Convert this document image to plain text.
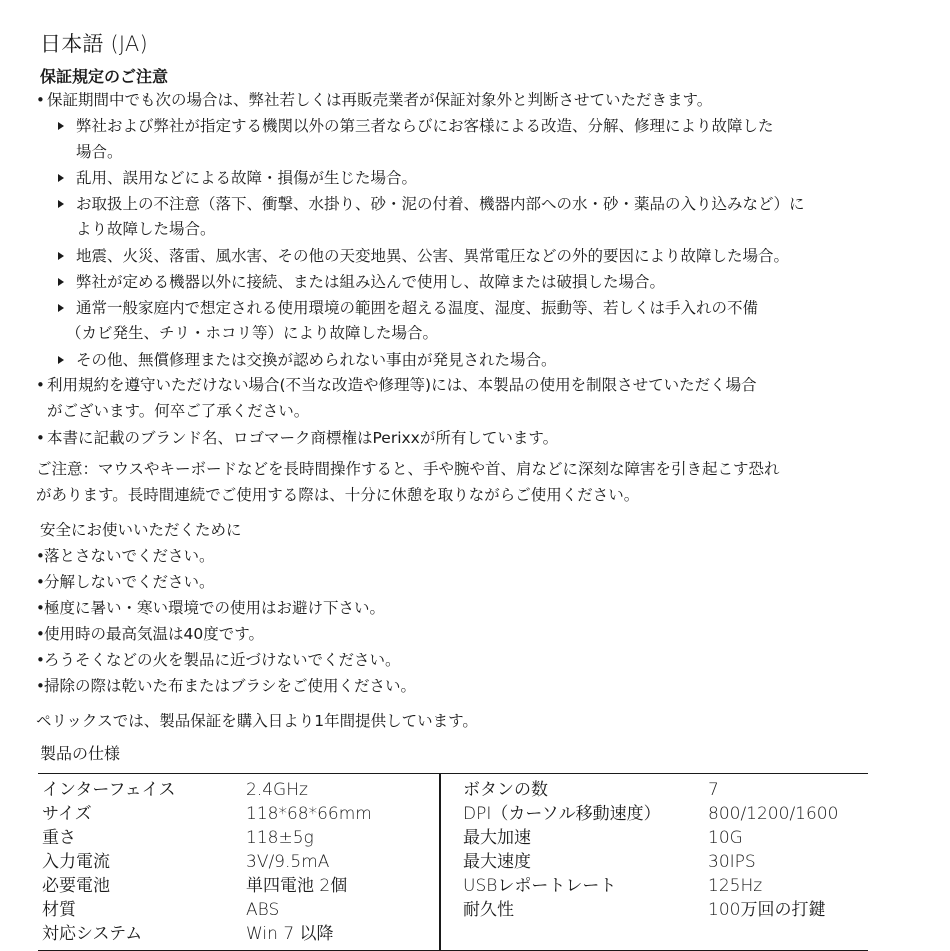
日本語 (JA)
保証規定のご注意
• 保証期間中でも次の場合は、弊社若しくは再販売業者が保証対象外と判断させていただきます。
弊社および弊社が指定する機関以外の第三者ならびにお客様による改造、分解、修理により故障した
場合。
乱用、誤用などによる故障・損傷が生じた場合。
お取扱上の不注意（落下、衝撃、水掛り、砂・泥の付着、機器内部への水・砂・薬品の入り込みなど）に
より故障した場合。
地震、火災、落雷、風水害、その他の天変地異、公害、異常電圧などの外的要因により故障した場合。
弊社が定める機器以外に接続、または組み込んで使用し、故障または破損した場合。
通常一般家庭内で想定される使用環境の範囲を超える温度、湿度、振動等、若しくは手入れの不備
（カビ発生、チリ・ホコリ等）により故障した場合。
その他、無償修理または交換が認められない事由が発見された場合。
• 利用規約を遵守いただけない場合(不当な改造や修理等)には、本製品の使用を制限させていただく場合
がございます。何卒ご了承ください。
• 本書に記載のブランド名、ロゴマーク商標権はPerixxが所有しています。
ご注意：マウスやキーボードなどを長時間操作すると、手や腕や首、肩などに深刻な障害を引き起こす恐れ
があります。長時間連続でご使用する際は、十分に休憩を取りながらご使用ください。
安全にお使いいただくために
• 落とさないでください。
• 分解しないでください。
• 極度に暑い・寒い環境での使用はお避け下さい。
• 使用時の最高気温は40度です。
• ろうそくなどの火を製品に近づけないでください。
• 掃除の際は乾いた布またはブラシをご使用ください。
ペリックスでは、製品保証を購入日より1年間提供しています。
製品の仕様
インターフェイス	2.4GHz
サイズ	118*68*66mm
重さ	118±5g
入力電流	3V/9.5mA
必要電池	単四電池 2個
材質	ABS
対応システム	Win 7 以降
ボタンの数	7
DPI（カーソル移動速度）	800/1200/1600
最大加速	10G
最大速度	30IPS
USBレポートレート	125Hz
耐久性	100万回の打鍵
